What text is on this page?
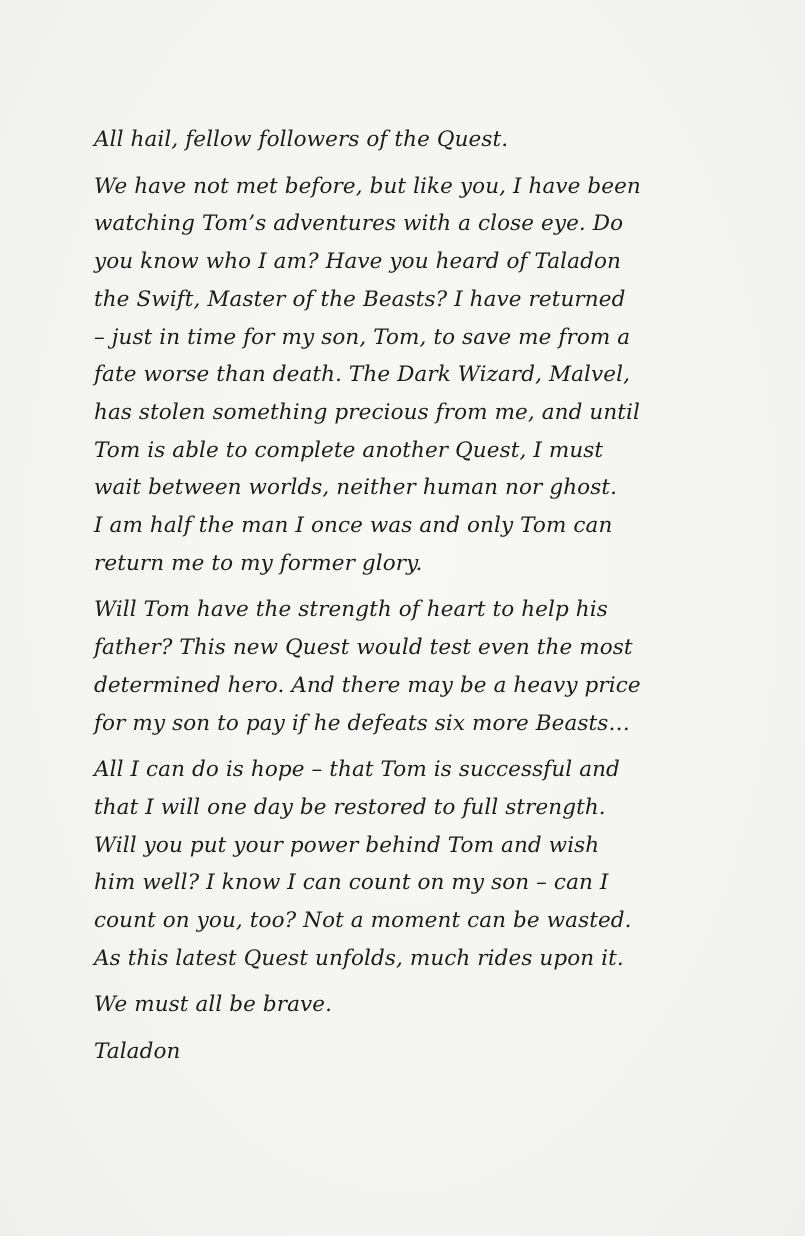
All hail, fellow followers of the Quest.

We have not met before, but like you, I have been
watching Tom’s adventures with a close eye. Do
you know who I am? Have you heard of Taladon
the Swift, Master of the Beasts? I have returned
– just in time for my son, Tom, to save me from a
fate worse than death. The Dark Wizard, Malvel,
has stolen something precious from me, and until
Tom is able to complete another Quest, I must
wait between worlds, neither human nor ghost.
I am half the man I once was and only Tom can
return me to my former glory.

Will Tom have the strength of heart to help his
father? This new Quest would test even the most
determined hero. And there may be a heavy price
for my son to pay if he defeats six more Beasts…

All I can do is hope – that Tom is successful and
that I will one day be restored to full strength.
Will you put your power behind Tom and wish
him well? I know I can count on my son – can I
count on you, too? Not a moment can be wasted.
As this latest Quest unfolds, much rides upon it.

We must all be brave.

Taladon
